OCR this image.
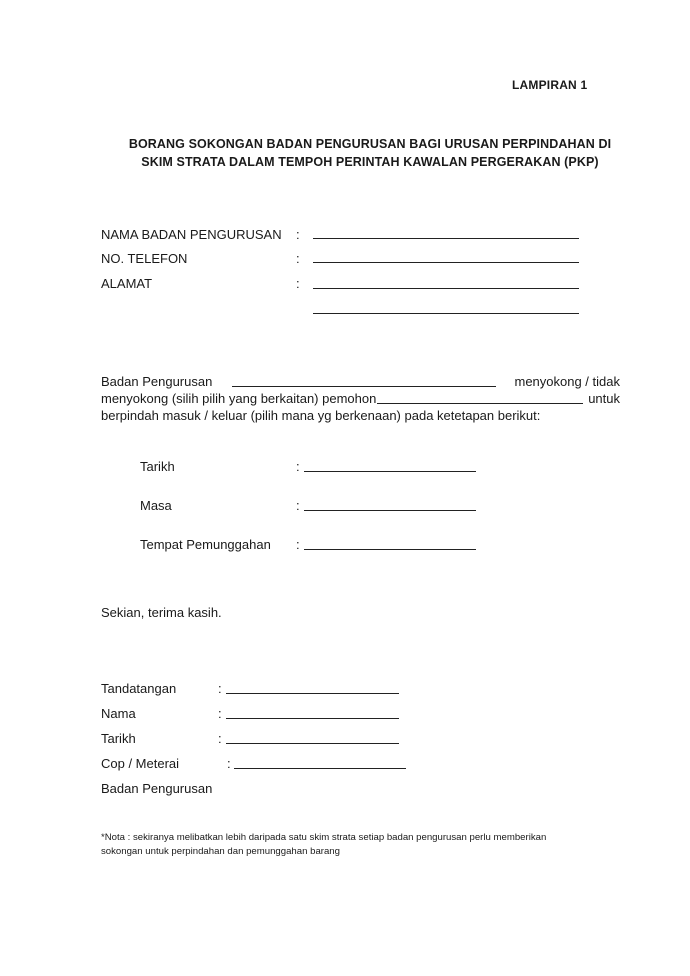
LAMPIRAN 1
BORANG SOKONGAN BADAN PENGURUSAN BAGI URUSAN PERPINDAHAN DI
SKIM STRATA DALAM TEMPOH PERINTAH KAWALAN PERGERAKAN (PKP)
NAMA BADAN PENGURUSAN :
NO. TELEFON	:
ALAMAT	:
Badan Pengurusan	menyokong / tidak
menyokong (silih pilih yang berkaitan) pemohon	untuk
berpindah masuk / keluar (pilih mana yg berkenaan) pada ketetapan berikut:
Tarikh	:
Masa	:
Tempat Pemunggahan :
Sekian, terima kasih.
Tandatangan	:
Nama	:
Tarikh	:
Cop / Meterai	:
Badan Pengurusan
*Nota : sekiranya melibatkan lebih daripada satu skim strata setiap badan pengurusan perlu memberikan
sokongan untuk perpindahan dan pemunggahan barang
